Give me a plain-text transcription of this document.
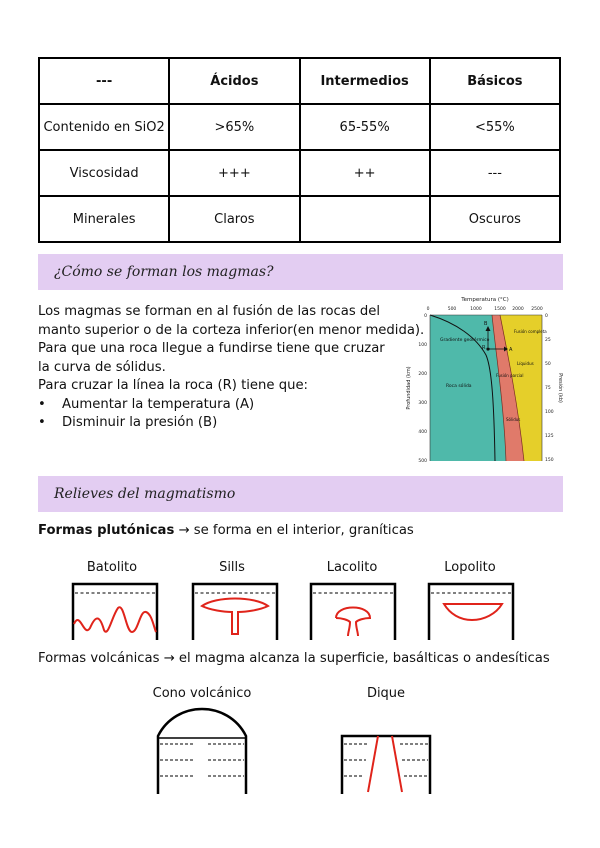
---	Ácidos	Intermedios	Básicos
Contenido en SiO2	>65%	65-55%	<55%
Viscosidad	+++	++	---
Minerales	Claros		Oscuros
¿Cómo se forman los magmas?
Los magmas se forman en al fusión de las rocas del
manto superior o de la corteza inferior(en menor medida).
Para que una roca llegue a fundirse tiene que cruzar
la curva de sólidus.
Para cruzar la línea la roca (R) tiene que:
• Aumentar la temperatura (A)
• Disminuir la presión (B)
Temperatura (°C)
0	500	1000	1500 2000 2500
0
100
200
300
400
500
0
25
50
75
100
125
150
Profundidad (km)	Presión (kb)
Gradiente geotérmico
Roca sólida
Fusión parcial
Fusión completa
Líquidus
Sólidus
R	A
B
Relieves del magmatismo
Formas plutónicas → se forma en el interior, graníticas
Batolito	Sills	Lacolito	Lopolito
Formas volcánicas → el magma alcanza la superficie, basálticas o andesíticas
Cono volcánico	Dique
